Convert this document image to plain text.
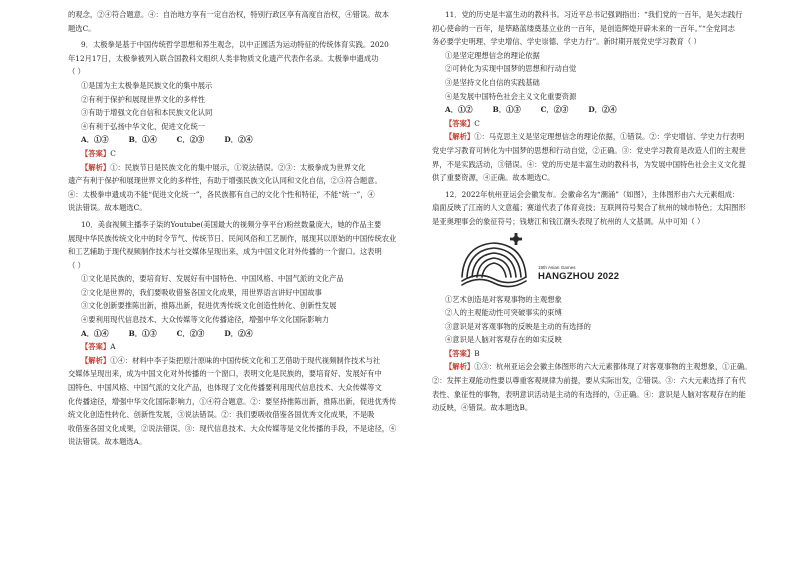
的观念，②④符合题意。④：自治地方享有一定自治权，特别行政区享有高度自治权，④错误。故本

题选C。

9．太极拳是基于中国传统哲学思想和养生观念，以中正圆活为运动特征的传统体育实践。2020

年12月17日，太极拳被列入联合国教科文组织人类非物质文化遗产代表作名录。太极拳申遗成功

（ ）

①是国为主太极拳是民族文化的集中展示

②有利于保护和展现世界文化的多样性

③有助于增强文化自信和本民族文化认同

④有利于弘扬中华文化，促进文化统一

A．①③	B．①④	C．②③	D．②④

【答案】C

【解析】①：民族节日是民族文化的集中展示，①说法错误。②③：太极拳成为世界文化

遗产有利于保护和展现世界文化的多样性，有助于增强民族文化认同和文化自信，②③符合题意。

④：太极拳申遗成功不能“促进文化统一”，各民族都有自己的文化个性和特征，不能“统一”，④

说法错误。故本题选C。

10．美食视频主播李子柒的Youtube(美国最大的视频分享平台)粉丝数量庞大，她的作品主要

展现中华民族传统文化中的时令节气、传统节日、民间风俗和工艺制作，展现其以原始的中国传统农业

和工艺辅助于现代视频制作技术与社交媒体呈现出来，成为中国文化对外传播的一个窗口。这表明

（ ）

①文化是民族的，要培育好、发展好有中国特色、中国风格、中国气派的文化产品

②文化是世界的，我们要吸收借鉴各国文化成果，用世界语言讲好中国故事

③文化创新要推陈出新，推陈出新，促进优秀传统文化创造性转化、创新性发展

④要利用现代信息技术、大众传媒等文化传播途径，增强中华文化国际影响力

A．①④	B．①③	C．②③	D．②④

【答案】A

【解析】①④：材料中李子柒把原汁原味的中国传统文化和工艺借助于现代视频制作技术与社

交媒体呈现出来，成为中国文化对外传播的一个窗口，表明文化是民族的，要培育好、发展好有中

国特色、中国风格、中国气派的文化产品，也体现了文化传播要利用现代信息技术、大众传媒等文

化传播途径，增强中华文化国际影响力，①④符合题意。②：要坚持推陈出新，推陈出新，促进优秀传

统文化创造性转化、创新性发展，③说法错误。②：我们要吸收借鉴各国优秀文化成果，不是吸

收借鉴各国文化成果，②说法错误。③：现代信息技术、大众传媒等是文化传播的手段，不是途径，④

说法错误。故本题选A。

11．党的历史是丰富生动的教科书。习近平总书记强调指出：“我们党的一百年，是矢志践行

初心使命的一百年，是筚路蓝缕奠基立业的一百年，是创造辉煌开辟未来的一百年。”“全党同志

务必要学史明理、学史增信、学史崇德、学史力行”。新时期开展党史学习教育（ ）

①是坚定理想信念的理论依据

②可转化为实现中国梦的思想和行动自觉

③是坚持文化自信的实践基础

④是发展中国特色社会主义文化重要资源

A．①②	B．①③	C．②③	D．②④

【答案】C

【解析】①：马克思主义是坚定理想信念的理论依据，①错误。②：学史增信、学史力行表明

党史学习教育可转化为中国梦的思想和行动自觉，②正确。③：党史学习教育是改造人们的主观世

界，不是实践活动，③错误。④：党的历史是丰富生动的教科书，为发展中国特色社会主义文化提

供了重要资源，④正确。故本题选C。

12．2022年杭州亚运会会徽发布。会徽命名为“潮涌”（如图），主体图形由六大元素组成：

扇面反映了江南的人文意蕴；赛道代表了体育竞技；互联网符号契合了杭州的城市特色；太阳图形

是亚奥理事会的象征符号；钱塘江和钱江潮头表现了杭州的人文基调。从中可知（ ）

19th Asian Games
HANGZHOU 2022

①艺术创造是对客观事物的主观想象

②人的主观能动性可突破事实的束缚

③意识是对客观事物的反映是主动的有选择的

④意识是人脑对客观存在的如实反映

【答案】B

【解析】①③：杭州亚运会会徽主体图形的六大元素都体现了对客观事物的主观想象，①正确。

②：发挥主观能动性要以尊重客观规律为前提，要从实际出发，②错误。③：六大元素选择了有代

表性、象征性的事物，表明意识活动是主动的有选择的，③正确。④：意识是人脑对客观存在的能

动反映，④错误。故本题选B。
